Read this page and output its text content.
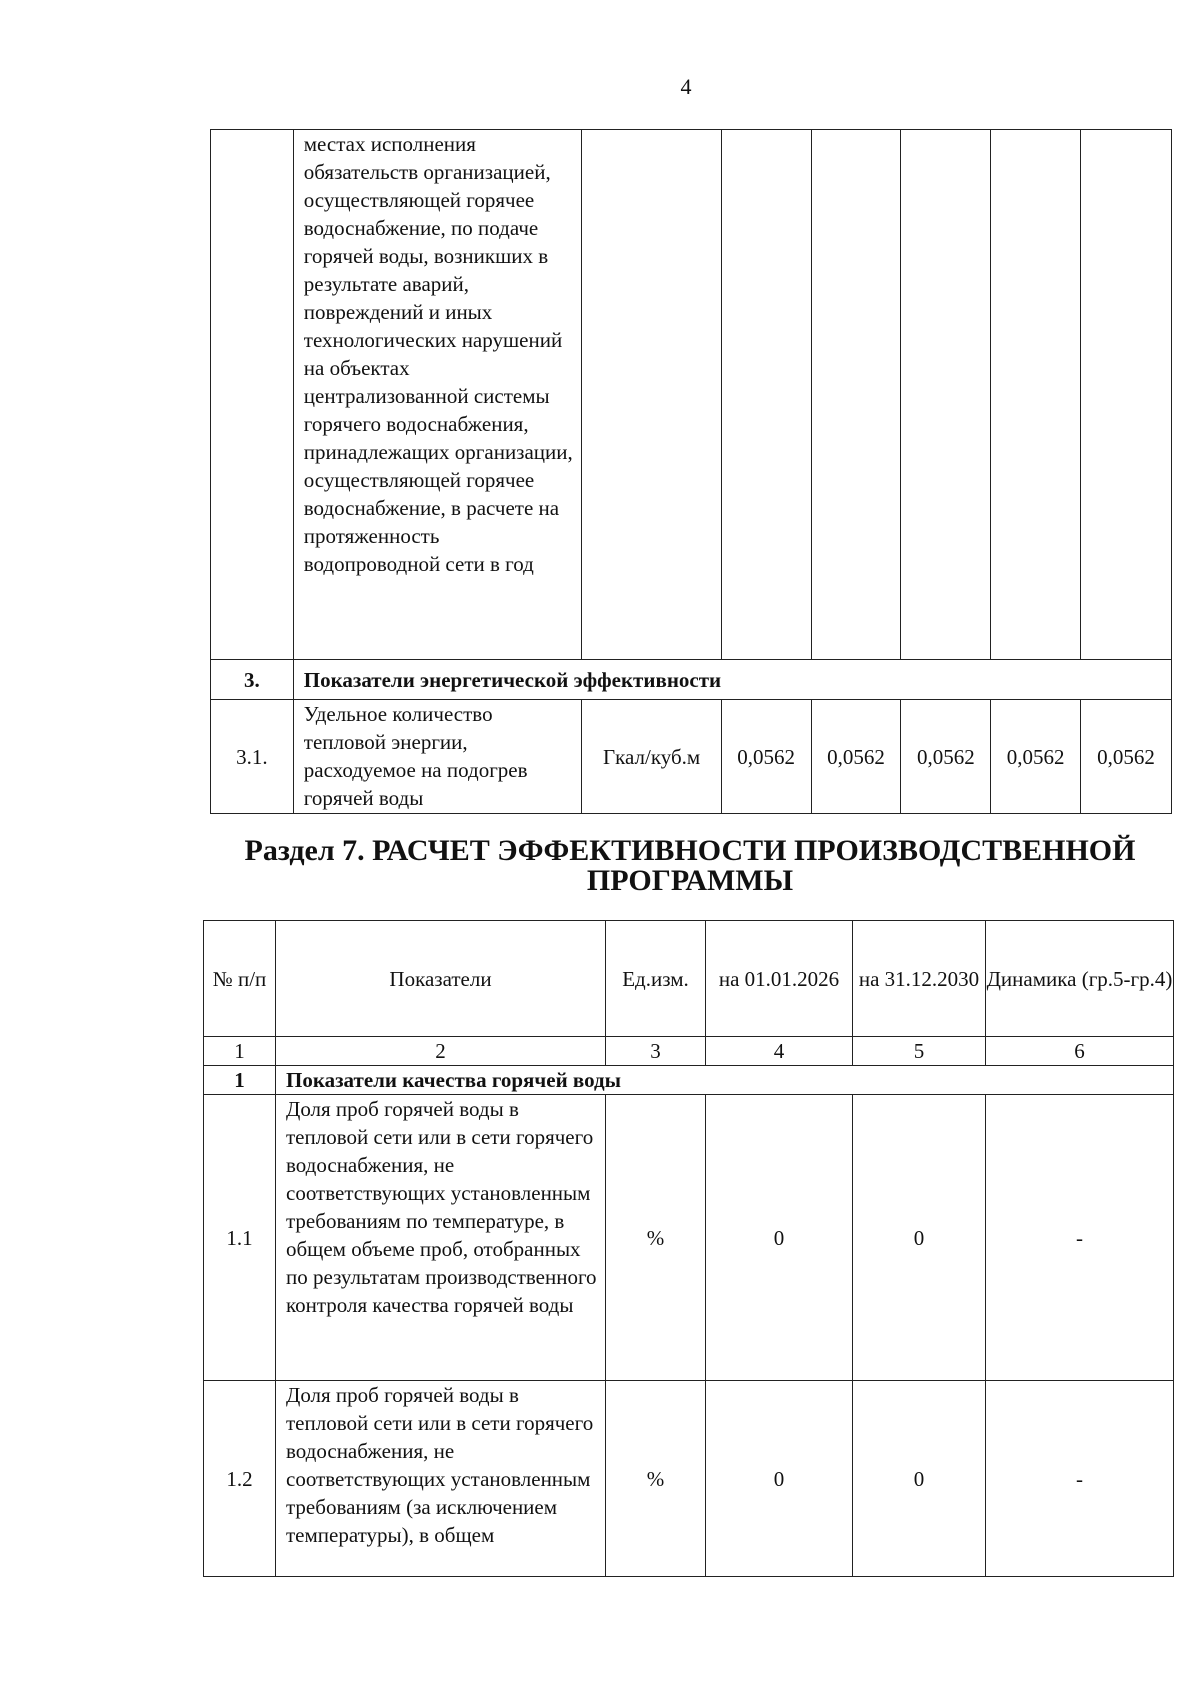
4
	местах исполнения обязательств организацией, осуществляющей горячее водоснабжение, по подаче горячей воды, возникших в результате аварий, повреждений и иных технологических нарушений на объектах централизованной системы горячего водоснабжения, принадлежащих организации, осуществляющей горячее водоснабжение, в расчете на протяженность водопроводной сети в год						
3.	Показатели энергетической эффективности						
3.1.	Удельное количество тепловой энергии, расходуемое на подогрев горячей воды	Гкал/куб.м	0,0562	0,0562	0,0562	0,0562	0,0562
Раздел 7. РАСЧЕТ ЭФФЕКТИВНОСТИ ПРОИЗВОДСТВЕННОЙ ПРОГРАММЫ
№ п/п	Показатели	Ед.изм.	на 01.01.2026	на 31.12.2030	Динамика (гр.5-гр.4)
1	2	3	4	5	6
1	Показатели качества горячей воды				
1.1	Доля проб горячей воды в тепловой сети или в сети горячего водоснабжения, не соответствующих установленным требованиям по температуре, в общем объеме проб, отобранных по результатам производственного контроля качества горячей воды	%	0	0	-
1.2	Доля проб горячей воды в тепловой сети или в сети горячего водоснабжения, не соответствующих установленным требованиям (за исключением температуры), в общем	%	0	0	-
